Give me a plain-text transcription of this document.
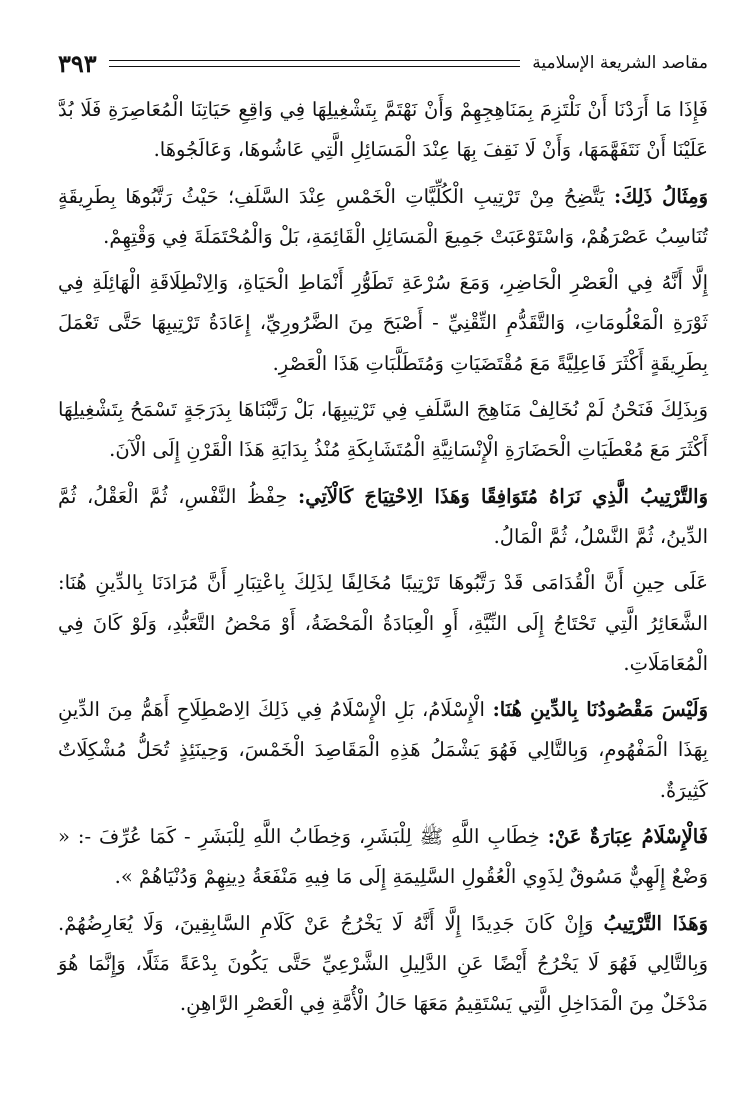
مقاصد الشريعة الإسلامية
٣٩٣

فَإِذَا مَا أَرَدْنَا أَنْ نَلْتَزِمَ بِمَنَاهِجِهِمْ وَأَنْ نَهْتَمَّ بِتَشْغِيلِهَا فِي وَاقِعِ حَيَاتِنَا الْمُعَاصِرَةِ فَلَا بُدَّ عَلَيْنَا أَنْ نَتَفَهَّمَهَا، وَأَنْ لَا نَقِفَ بِهَا عِنْدَ الْمَسَائِلِ الَّتِي عَاشُوهَا، وَعَالَجُوهَا.

وَمِثَالُ ذَلِكَ: يَتَّضِحُ مِنْ تَرْتِيبِ الْكُلِّيَّاتِ الْخَمْسِ عِنْدَ السَّلَفِ؛ حَيْثُ رَتَّبُوهَا بِطَرِيقَةٍ تُنَاسِبُ عَصْرَهُمْ، وَاسْتَوْعَبَتْ جَمِيعَ الْمَسَائِلِ الْقَائِمَةِ، بَلْ وَالْمُحْتَمَلَةَ فِي وَقْتِهِمْ.

إِلَّا أَنَّهُ فِي الْعَصْرِ الْحَاضِرِ، وَمَعَ سُرْعَةِ تَطَوُّرِ أَنْمَاطِ الْحَيَاةِ، وَالِانْطِلَاقَةِ الْهَائِلَةِ فِي ثَوْرَةِ الْمَعْلُومَاتِ، وَالتَّقَدُّمِ التِّقْنِيِّ - أَصْبَحَ مِنَ الضَّرُورِيِّ، إِعَادَةُ تَرْتِيبِهَا حَتَّى تَعْمَلَ بِطَرِيقَةٍ أَكْثَرَ فَاعِلِيَّةً مَعَ مُقْتَضَيَاتِ وَمُتَطَلَّبَاتِ هَذَا الْعَصْرِ.

وَبِذَلِكَ فَنَحْنُ لَمْ نُخَالِفْ مَنَاهِجَ السَّلَفِ فِي تَرْتِيبِهَا، بَلْ رَتَّبْنَاهَا بِدَرَجَةٍ تَسْمَحُ بِتَشْغِيلِهَا أَكْثَرَ مَعَ مُعْطَيَاتِ الْحَضَارَةِ الْإِنْسَانِيَّةِ الْمُتَشَابِكَةِ مُنْذُ بِدَايَةِ هَذَا الْقَرْنِ إِلَى الْآنَ.

وَالتَّرْتِيبُ الَّذِي نَرَاهُ مُتَوَافِقًا وَهَذَا الِاحْتِيَاجَ كَالْآتِي: حِفْظُ النَّفْسِ، ثُمَّ الْعَقْلُ، ثُمَّ الدِّينُ، ثُمَّ النَّسْلُ، ثُمَّ الْمَالُ.

عَلَى حِينِ أَنَّ الْقُدَامَى قَدْ رَتَّبُوهَا تَرْتِيبًا مُخَالِفًا لِذَلِكَ بِاعْتِبَارِ أَنَّ مُرَادَنَا بِالدِّينِ هُنَا: الشَّعَائِرُ الَّتِي تَحْتَاجُ إِلَى النِّيَّةِ، أَوِ الْعِبَادَةُ الْمَحْضَةُ، أَوْ مَحْضُ التَّعَبُّدِ، وَلَوْ كَانَ فِي الْمُعَامَلَاتِ.

وَلَيْسَ مَقْصُودُنَا بِالدِّينِ هُنَا: الْإِسْلَامُ، بَلِ الْإِسْلَامُ فِي ذَلِكَ الِاصْطِلَاحِ أَهَمُّ مِنَ الدِّينِ بِهَذَا الْمَفْهُومِ، وَبِالتَّالِي فَهُوَ يَشْمَلُ هَذِهِ الْمَقَاصِدَ الْخَمْسَ، وَحِينَئِذٍ تُحَلُّ مُشْكِلَاتٌ كَثِيرَةٌ.

فَالْإِسْلَامُ عِبَارَةٌ عَنْ: خِطَابِ اللَّهِ ﷺ لِلْبَشَرِ، وَخِطَابُ اللَّهِ لِلْبَشَرِ - كَمَا عُرِّفَ -: « وَضْعٌ إِلَهِيٌّ مَسُوقٌ لِذَوِي الْعُقُولِ السَّلِيمَةِ إِلَى مَا فِيهِ مَنْفَعَةُ دِينِهِمْ وَدُنْيَاهُمْ ».

وَهَذَا التَّرْتِيبُ وَإِنْ كَانَ جَدِيدًا إِلَّا أَنَّهُ لَا يَخْرُجُ عَنْ كَلَامِ السَّابِقِينَ، وَلَا يُعَارِضُهُمْ. وَبِالتَّالِي فَهُوَ لَا يَخْرُجُ أَيْضًا عَنِ الدَّلِيلِ الشَّرْعِيِّ حَتَّى يَكُونَ بِدْعَةً مَثَلًا، وَإِنَّمَا هُوَ مَدْخَلٌ مِنَ الْمَدَاخِلِ الَّتِي يَسْتَقِيمُ مَعَهَا حَالُ الْأُمَّةِ فِي الْعَصْرِ الرَّاهِنِ.
